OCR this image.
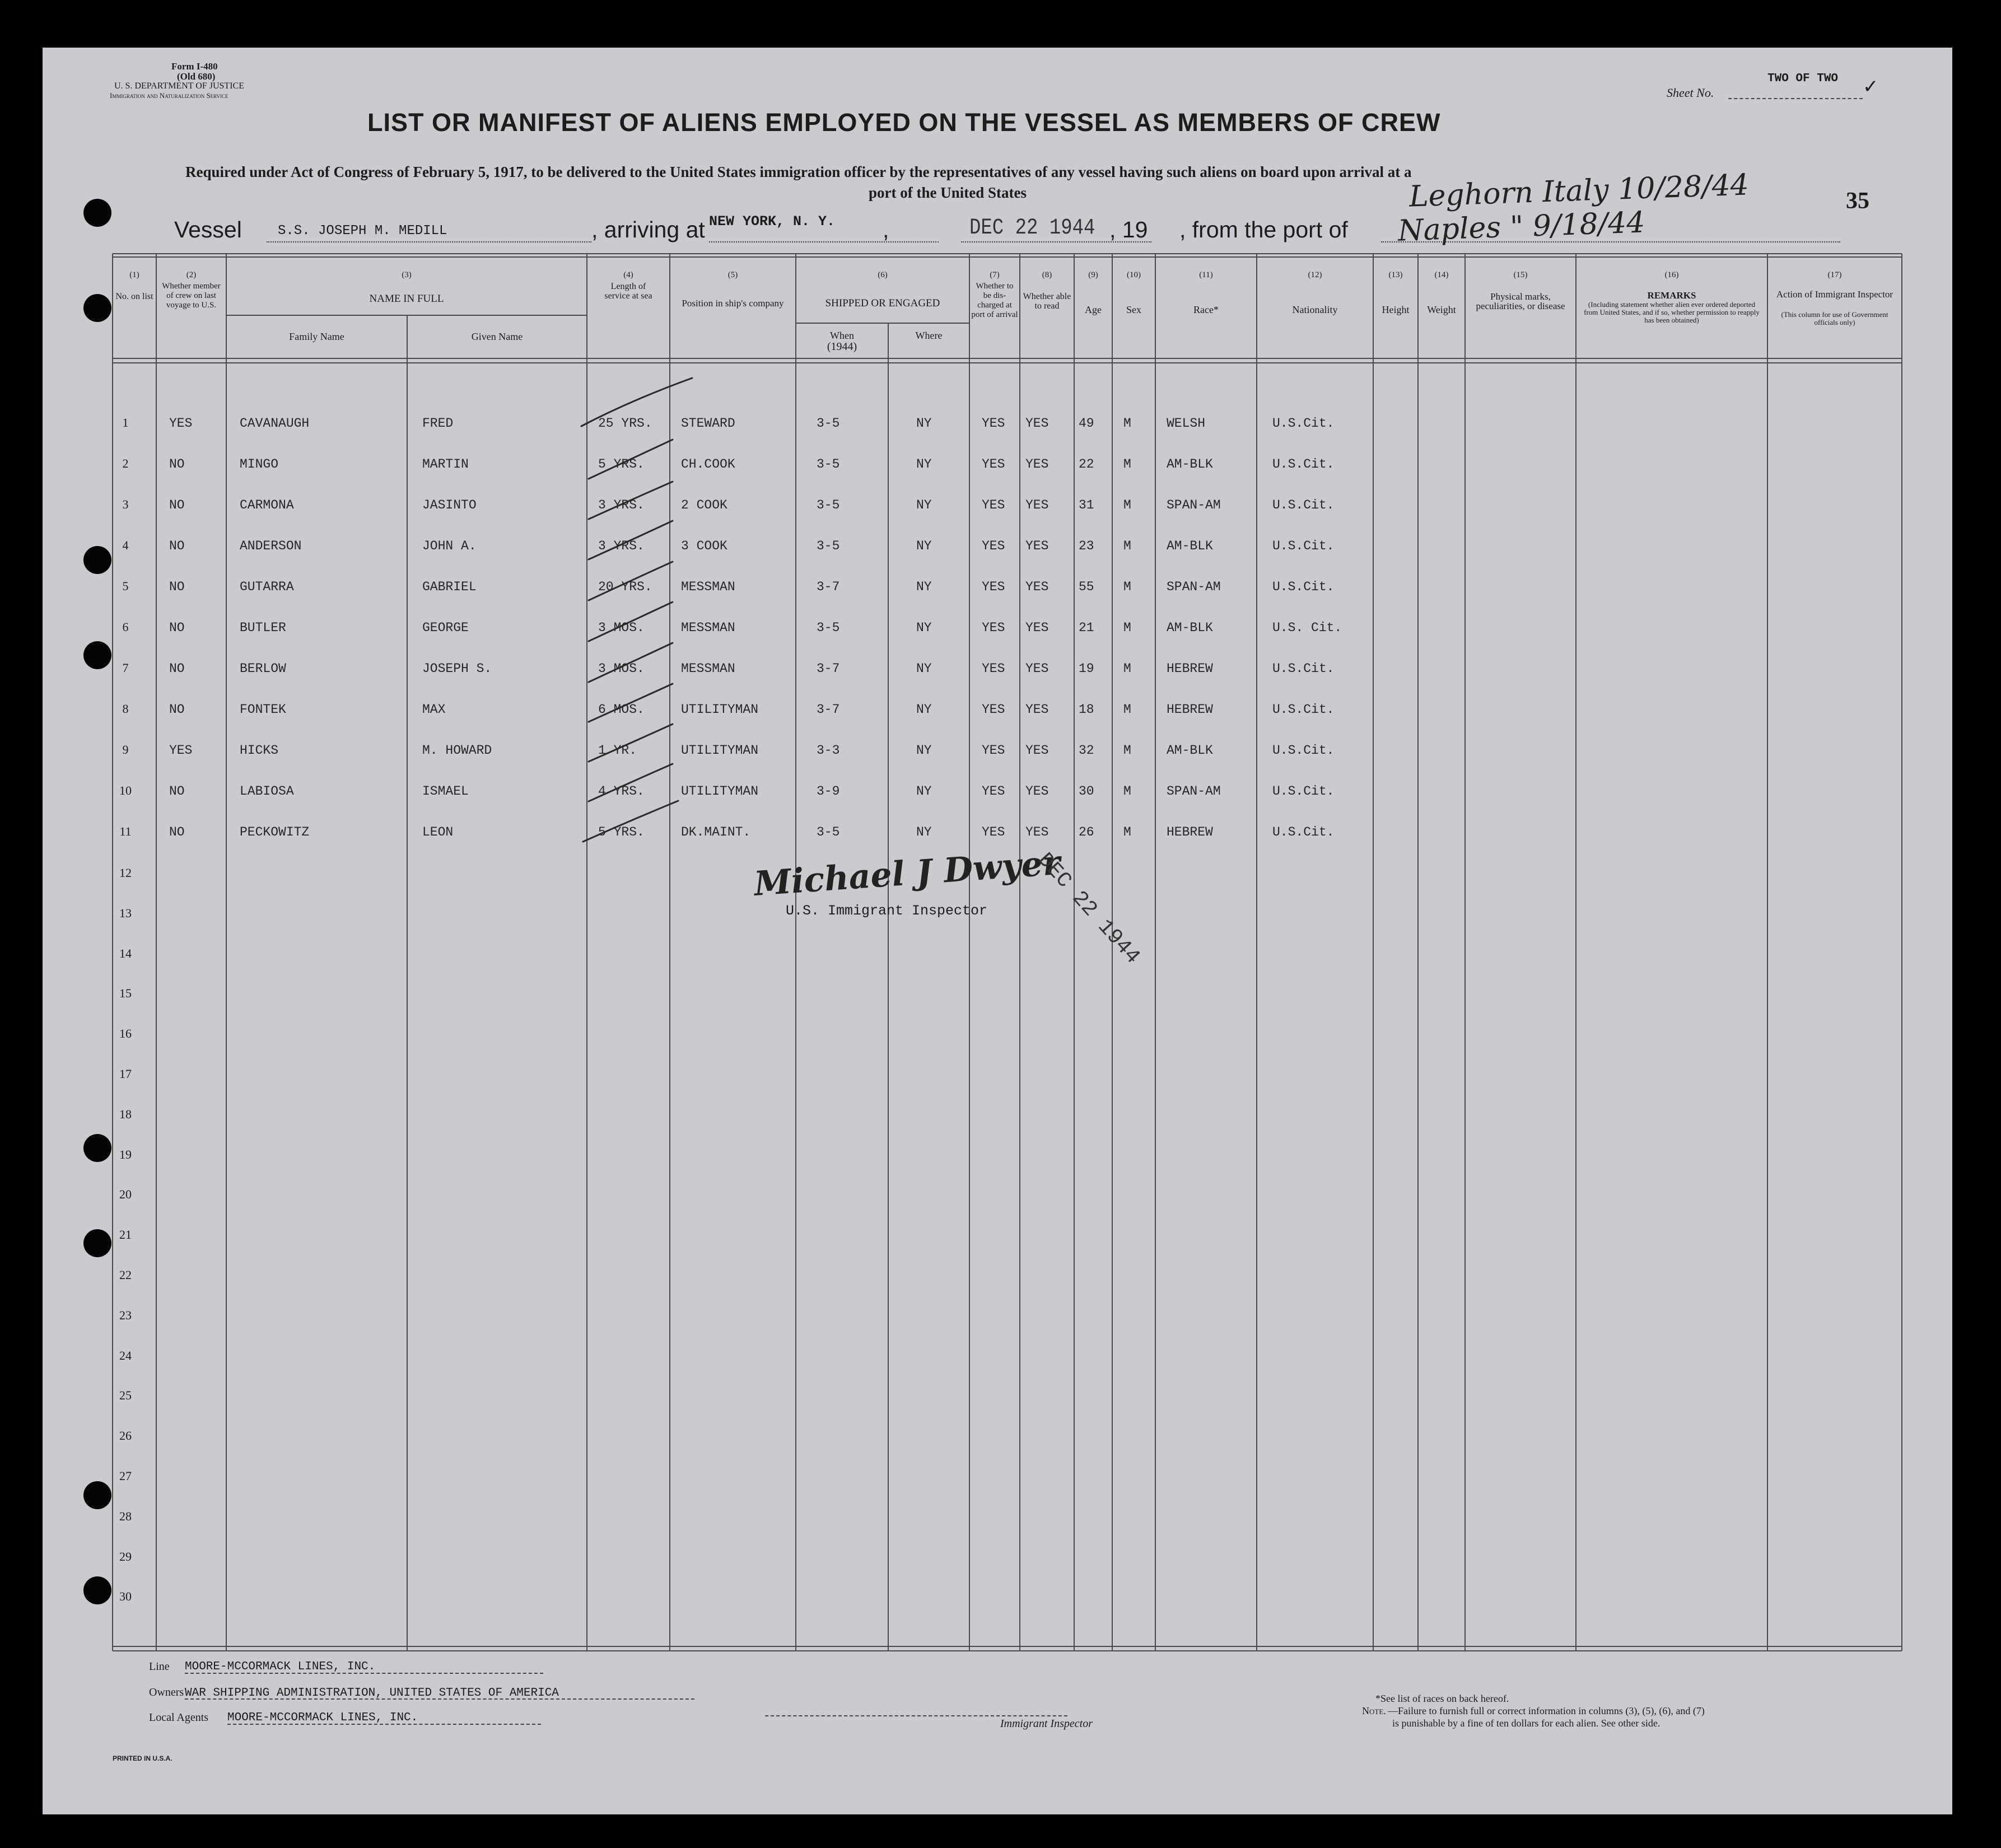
Form I-480
(Old 680)
U. S. DEPARTMENT OF JUSTICE
Immigration and Naturalization Service	Sheet No.
TWO OF TWO ✓
LIST OR MANIFEST OF ALIENS EMPLOYED ON THE VESSEL AS MEMBERS OF CREW
Required under Act of Congress of February 5, 1917, to be delivered to the United States immigration officer by the representatives of any vessel having such aliens on board upon arrival at a
port of the United States	35
Vessel	S.S. JOSEPH M. MEDILL	, arriving at NEW YORK, N. Y. ,	DEC 22 1944 , 19 , from the port of
Leghorn Italy 10/28/44
Naples " 9/18/44
(1)
No. on list
(2)
Whether member of crew on last voyage to U.S.
(3)
NAME IN FULL
Family Name	Given Name
(4)
Length of service at sea
(5)
Position in ship's company
(6)
SHIPPED OR ENGAGED
When
(1944)
Where
(7)
Whether to be dis-charged at port of arrival
(8)
Whether able to read
(9)
Age
(10)
Sex
(11)
Race*
(12)
Nationality
(13)
Height
(14)
Weight
(15)
Physical marks, peculiarities, or disease
(16)
REMARKS
(Including statement whether alien ever ordered deported from United States, and if so, whether permission to reapply has been obtained)
(17)
Action of Immigrant Inspector
(This column for use of Government officials only)
1	YES	CAVANAUGH	FRED	25 YRS. STEWARD	3-5	NY	YES YES 49 M	WELSH	U.S.Cit.
2	NO	MINGO	MARTIN	5 YRS.	CH.COOK	3-5	NY	YES YES 22 M	AM-BLK	U.S.Cit.
3	NO	CARMONA	JASINTO	3 YRS.	2 COOK	3-5	NY	YES YES 31 M	SPAN-AM	U.S.Cit.
4	NO	ANDERSON	JOHN A.	3 YRS.	3 COOK	3-5	NY	YES YES 23 M	AM-BLK	U.S.Cit.
5	NO	GUTARRA	GABRIEL	20 YRS. MESSMAN	3-7	NY	YES YES 55 M	SPAN-AM	U.S.Cit.
6	NO	BUTLER	GEORGE	3 MOS.	MESSMAN	3-5	NY	YES YES 21 M	AM-BLK	U.S. Cit.
7	NO	BERLOW	JOSEPH S.	3 MOS.	MESSMAN	3-7	NY	YES YES 19 M	HEBREW	U.S.Cit.
8	NO	FONTEK	MAX	6 MOS.	UTILITYMAN	3-7	NY	YES YES 18 M	HEBREW	U.S.Cit.
9	YES	HICKS	M. HOWARD	1 YR.	UTILITYMAN	3-3	NY	YES YES 32 M	AM-BLK	U.S.Cit.
10	NO	LABIOSA	ISMAEL	4 YRS.	UTILITYMAN	3-9	NY	YES YES 30 M	SPAN-AM	U.S.Cit.
11	NO	PECKOWITZ	LEON	5 YRS.	DK.MAINT.	3-5	NY	YES YES 26 M	HEBREW	U.S.Cit.
12
13
14
15
16
17
18
19
20
21
22
23
24
25
26
27
28
29
30
Michael J Dwyer
U.S. Immigrant Inspector DEC 22 1944
Line MOORE-MCCORMACK LINES, INC.
Owners WAR SHIPPING ADMINISTRATION, UNITED STATES OF AMERICA
Local Agents MOORE-MCCORMACK LINES, INC.	Immigrant Inspector
*See list of races on back hereof.
Note. —Failure to furnish full or correct information in columns (3), (5), (6), and (7)
is punishable by a fine of ten dollars for each alien. See other side.
PRINTED IN U.S.A.
